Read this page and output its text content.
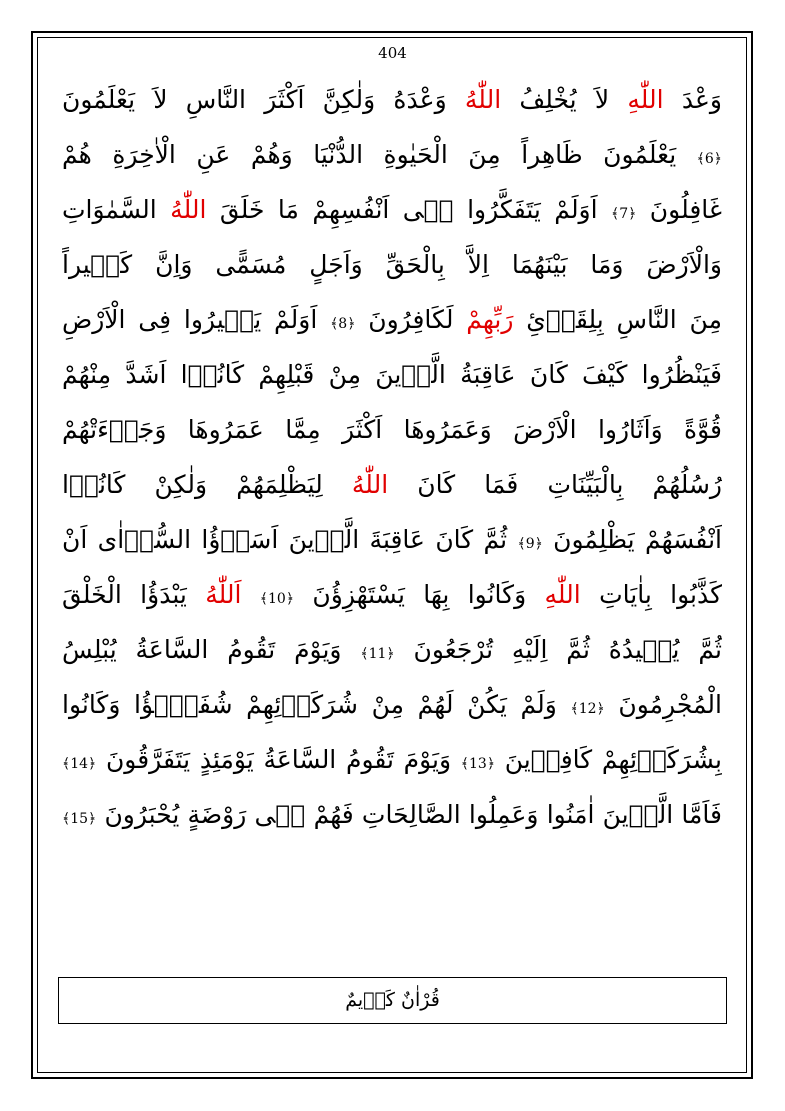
404
وَعْدَ اللّٰهِ لاَ يُخْلِفُ اللّٰهُ وَعْدَهُ وَلٰكِنَّ اَكْثَرَ النَّاسِ لاَ يَعْلَمُونَ
﴿6﴾ يَعْلَمُونَ ظَاهِراً مِنَ الْحَيٰوةِ الدُّنْيَا وَهُمْ عَنِ الْاٰخِرَةِ هُمْ
غَافِلُونَ ﴿7﴾ اَوَلَمْ يَتَفَكَّرُوا فٖى اَنْفُسِهِمْ مَا خَلَقَ اللّٰهُ السَّمٰوَاتِ
وَالْاَرْضَ وَمَا بَيْنَهُمَا اِلاَّ بِالْحَقِّ وَاَجَلٍ مُسَمًّى وَاِنَّ كَثٖيراً
مِنَ النَّاسِ بِلِقَاۤئِ رَبِّهِمْ لَكَافِرُونَ ﴿8﴾ اَوَلَمْ يَسٖيرُوا فِى الْاَرْضِ
فَيَنْظُرُوا كَيْفَ كَانَ عَاقِبَةُ الَّذٖينَ مِنْ قَبْلِهِمْ كَانُوۤا اَشَدَّ مِنْهُمْ
قُوَّةً وَاَثَارُوا الْاَرْضَ وَعَمَرُوهَا اَكْثَرَ مِمَّا عَمَرُوهَا وَجَاۤءَتْهُمْ
رُسُلُهُمْ بِالْبَيِّنَاتِ فَمَا كَانَ اللّٰهُ لِيَظْلِمَهُمْ وَلٰكِنْ كَانُوۤا
اَنْفُسَهُمْ يَظْلِمُونَ ﴿9﴾ ثُمَّ كَانَ عَاقِبَةَ الَّذٖينَ اَسَاۤؤُا السُّوۤاٰى اَنْ
كَذَّبُوا بِاٰيَاتِ اللّٰهِ وَكَانُوا بِهَا يَسْتَهْزِؤُنَ ﴿10﴾ اَللّٰهُ يَبْدَؤُا الْخَلْقَ
ثُمَّ يُعٖيدُهُ ثُمَّ اِلَيْهِ تُرْجَعُونَ ﴿11﴾ وَيَوْمَ تَقُومُ السَّاعَةُ يُبْلِسُ
الْمُجْرِمُونَ ﴿12﴾ وَلَمْ يَكُنْ لَهُمْ مِنْ شُرَكَاۤئِهِمْ شُفَعٰۤؤُا وَكَانُوا
بِشُرَكَاۤئِهِمْ كَافِرٖينَ ﴿13﴾ وَيَوْمَ تَقُومُ السَّاعَةُ يَوْمَئِذٍ يَتَفَرَّقُونَ ﴿14﴾
فَاَمَّا الَّذٖينَ اٰمَنُوا وَعَمِلُوا الصَّالِحَاتِ فَهُمْ فٖى رَوْضَةٍ يُحْبَرُونَ ﴿15﴾
قُرْاٰنٌ كَرٖيمٌ
